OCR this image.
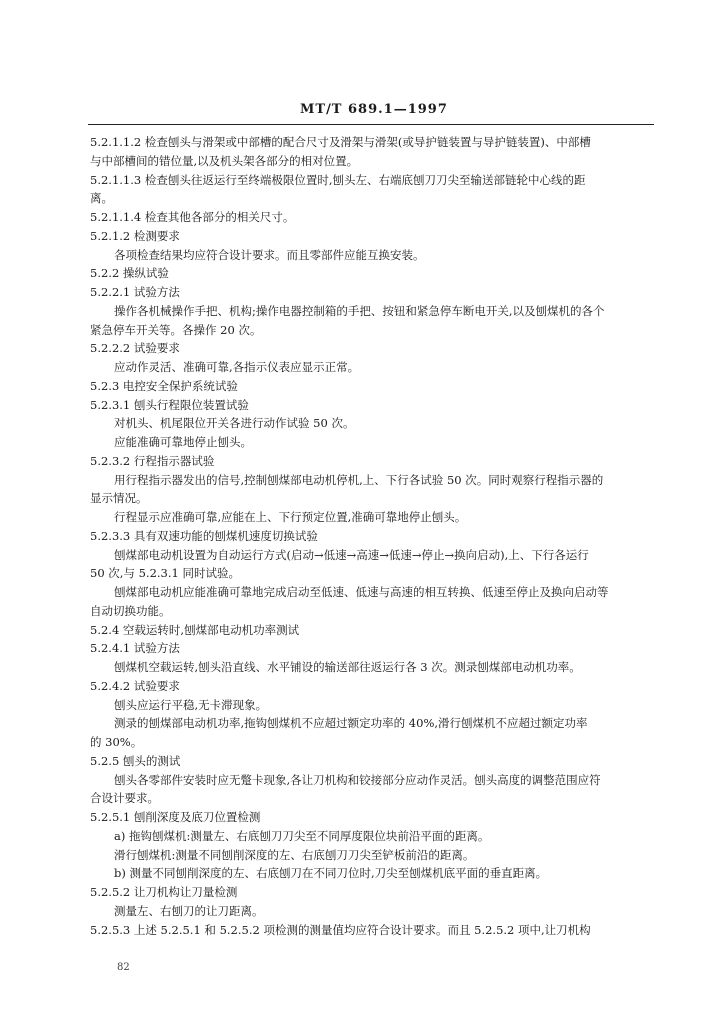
MT/T 689.1—1997
5.2.1.1.2 检查刨头与滑架或中部槽的配合尺寸及滑架与滑架(或导护链装置与导护链装置)、中部槽
与中部槽间的错位量,以及机头架各部分的相对位置。
5.2.1.1.3 检查刨头往返运行至终端极限位置时,刨头左、右端底刨刀刀尖至输送部链轮中心线的距
离。
5.2.1.1.4 检查其他各部分的相关尺寸。
5.2.1.2 检测要求
各项检查结果均应符合设计要求。而且零部件应能互换安装。
5.2.2 操纵试验
5.2.2.1 试验方法
操作各机械操作手把、机构;操作电器控制箱的手把、按钮和紧急停车断电开关,以及刨煤机的各个
紧急停车开关等。各操作 20 次。
5.2.2.2 试验要求
应动作灵活、准确可靠,各指示仪表应显示正常。
5.2.3 电控安全保护系统试验
5.2.3.1 刨头行程限位装置试验
对机头、机尾限位开关各进行动作试验 50 次。
应能准确可靠地停止刨头。
5.2.3.2 行程指示器试验
用行程指示器发出的信号,控制刨煤部电动机停机,上、下行各试验 50 次。同时观察行程指示器的
显示情况。
行程显示应准确可靠,应能在上、下行预定位置,准确可靠地停止刨头。
5.2.3.3 具有双速功能的刨煤机速度切换试验
刨煤部电动机设置为自动运行方式(启动→低速→高速→低速→停止→换向启动),上、下行各运行
50 次,与 5.2.3.1 同时试验。
刨煤部电动机应能准确可靠地完成启动至低速、低速与高速的相互转换、低速至停止及换向启动等
自动切换功能。
5.2.4 空载运转时,刨煤部电动机功率测试
5.2.4.1 试验方法
刨煤机空载运转,刨头沿直线、水平铺设的输送部往返运行各 3 次。测录刨煤部电动机功率。
5.2.4.2 试验要求
刨头应运行平稳,无卡滞现象。
测录的刨煤部电动机功率,拖钩刨煤机不应超过额定功率的 40%,滑行刨煤机不应超过额定功率
的 30%。
5.2.5 刨头的测试
刨头各零部件安装时应无蹩卡现象,各让刀机构和铰接部分应动作灵活。刨头高度的调整范围应符
合设计要求。
5.2.5.1 刨削深度及底刀位置检测
a) 拖钩刨煤机:测量左、右底刨刀刀尖至不同厚度限位块前沿平面的距离。
滑行刨煤机:测量不同刨削深度的左、右底刨刀刀尖至铲板前沿的距离。
b) 测量不同刨削深度的左、右底刨刀在不同刀位时,刀尖至刨煤机底平面的垂直距离。
5.2.5.2 让刀机构让刀量检测
测量左、右刨刀的让刀距离。
5.2.5.3 上述 5.2.5.1 和 5.2.5.2 项检测的测量值均应符合设计要求。而且 5.2.5.2 项中,让刀机构
82
